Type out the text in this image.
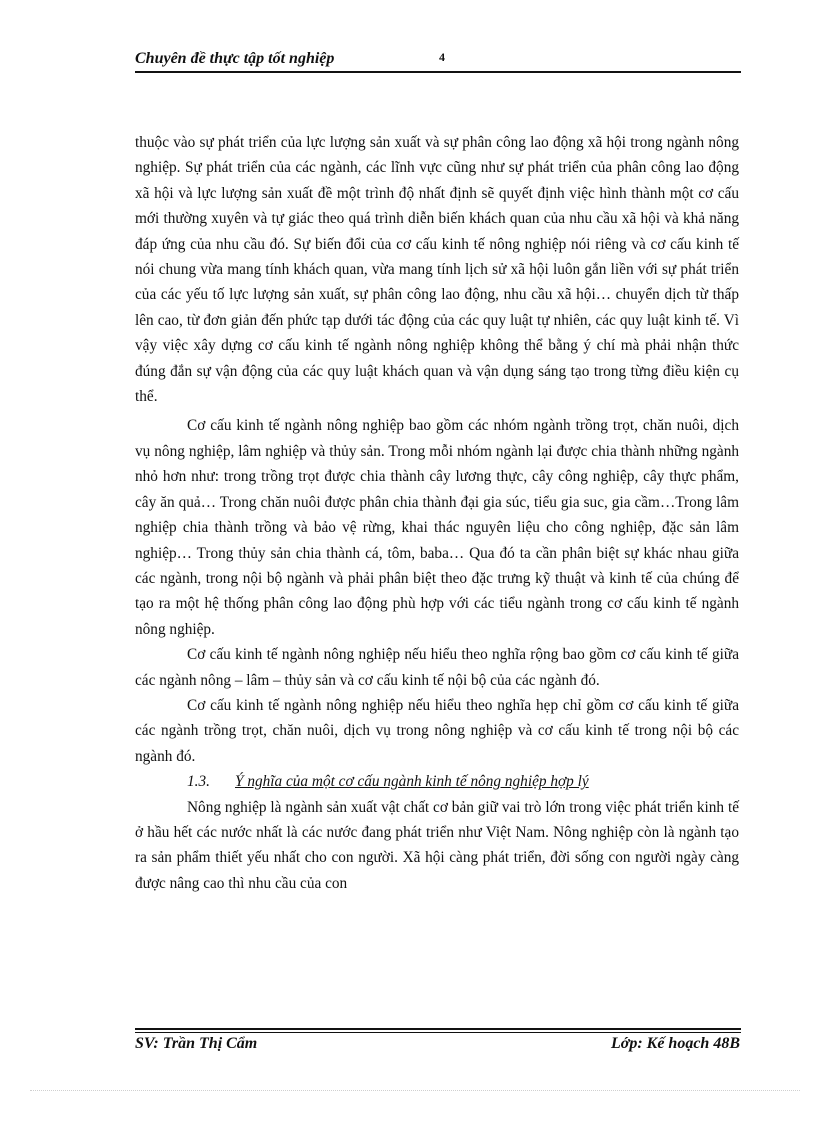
Chuyên đề thực tập tốt nghiệp	4

thuộc vào sự phát triển của lực lượng sản xuất và sự phân công lao động xã hội trong ngành nông nghiệp. Sự phát triển của các ngành, các lĩnh vực cũng như sự phát triển của phân công lao động xã hội và lực lượng sản xuất đề một trình độ nhất định sẽ quyết định việc hình thành một cơ cấu mới thường xuyên và tự giác theo quá trình diễn biến khách quan của nhu cầu xã hội và khả năng đáp ứng của nhu cầu đó. Sự biến đổi của cơ cấu kinh tế nông nghiệp nói riêng và cơ cấu kinh tế nói chung vừa mang tính khách quan, vừa mang tính lịch sử xã hội luôn gắn liền với sự phát triển của các yếu tố lực lượng sản xuất, sự phân công lao động, nhu cầu xã hội… chuyển dịch từ thấp lên cao, từ đơn giản đến phức tạp dưới tác động của các quy luật tự nhiên, các quy luật kinh tế. Vì vậy việc xây dựng cơ cấu kinh tế ngành nông nghiệp không thể bằng ý chí mà phải nhận thức đúng đắn sự vận động của các quy luật khách quan và vận dụng sáng tạo trong từng điều kiện cụ thể.

Cơ cấu kinh tế ngành nông nghiệp bao gồm các nhóm ngành trồng trọt, chăn nuôi, dịch vụ nông nghiệp, lâm nghiệp và thủy sản. Trong mỗi nhóm ngành lại được chia thành những ngành nhỏ hơn như: trong trồng trọt được chia thành cây lương thực, cây công nghiệp, cây thực phẩm, cây ăn quả… Trong chăn nuôi được phân chia thành đại gia súc, tiểu gia suc, gia cầm…Trong lâm nghiệp chia thành trồng và bảo vệ rừng, khai thác nguyên liệu cho công nghiệp, đặc sản lâm nghiệp… Trong thủy sản chia thành cá, tôm, baba… Qua đó ta cần phân biệt sự khác nhau giữa các ngành, trong nội bộ ngành và phải phân biệt theo đặc trưng kỹ thuật và kinh tế của chúng để tạo ra một hệ thống phân công lao động phù hợp với các tiểu ngành trong cơ cấu kinh tế ngành nông nghiệp.

Cơ cấu kinh tế ngành nông nghiệp nếu hiểu theo nghĩa rộng bao gồm cơ cấu kinh tế giữa các ngành nông – lâm – thủy sản và cơ cấu kinh tế nội bộ của các ngành đó.

Cơ cấu kinh tế ngành nông nghiệp nếu hiểu theo nghĩa hẹp chỉ gồm cơ cấu kinh tế giữa các ngành trồng trọt, chăn nuôi, dịch vụ trong nông nghiệp và cơ cấu kinh tế trong nội bộ các ngành đó.

1.3. Ý nghĩa của một cơ cấu ngành kinh tế nông nghiệp hợp lý

Nông nghiệp là ngành sản xuất vật chất cơ bản giữ vai trò lớn trong việc phát triển kinh tế ở hầu hết các nước nhất là các nước đang phát triển như Việt Nam. Nông nghiệp còn là ngành tạo ra sản phẩm thiết yếu nhất cho con người. Xã hội càng phát triển, đời sống con người ngày càng được nâng cao thì nhu cầu của con

SV: Trần Thị Cẩm	Lớp: Kế hoạch 48B
